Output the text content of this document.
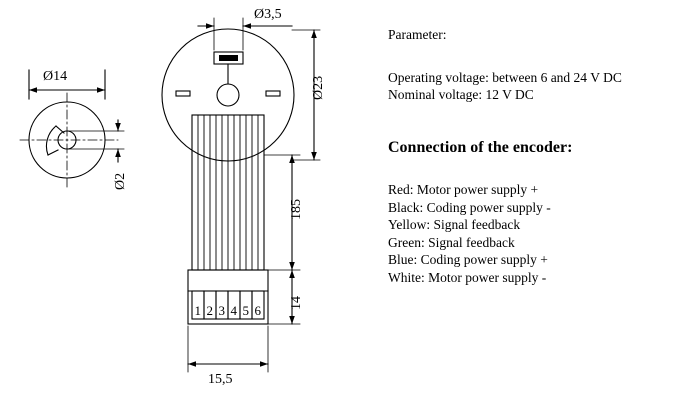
Ø3,5
Ø14	Ø23
Ø2
185
14
15,5
1 2 3 4 5 6
Parameter:
Operating voltage: between 6 and 24 V DC
Nominal voltage: 12 V DC
Connection of the encoder:
Red: Motor power supply +
Black: Coding power supply -
Yellow: Signal feedback
Green: Signal feedback
Blue: Coding power supply +
White: Motor power supply -
